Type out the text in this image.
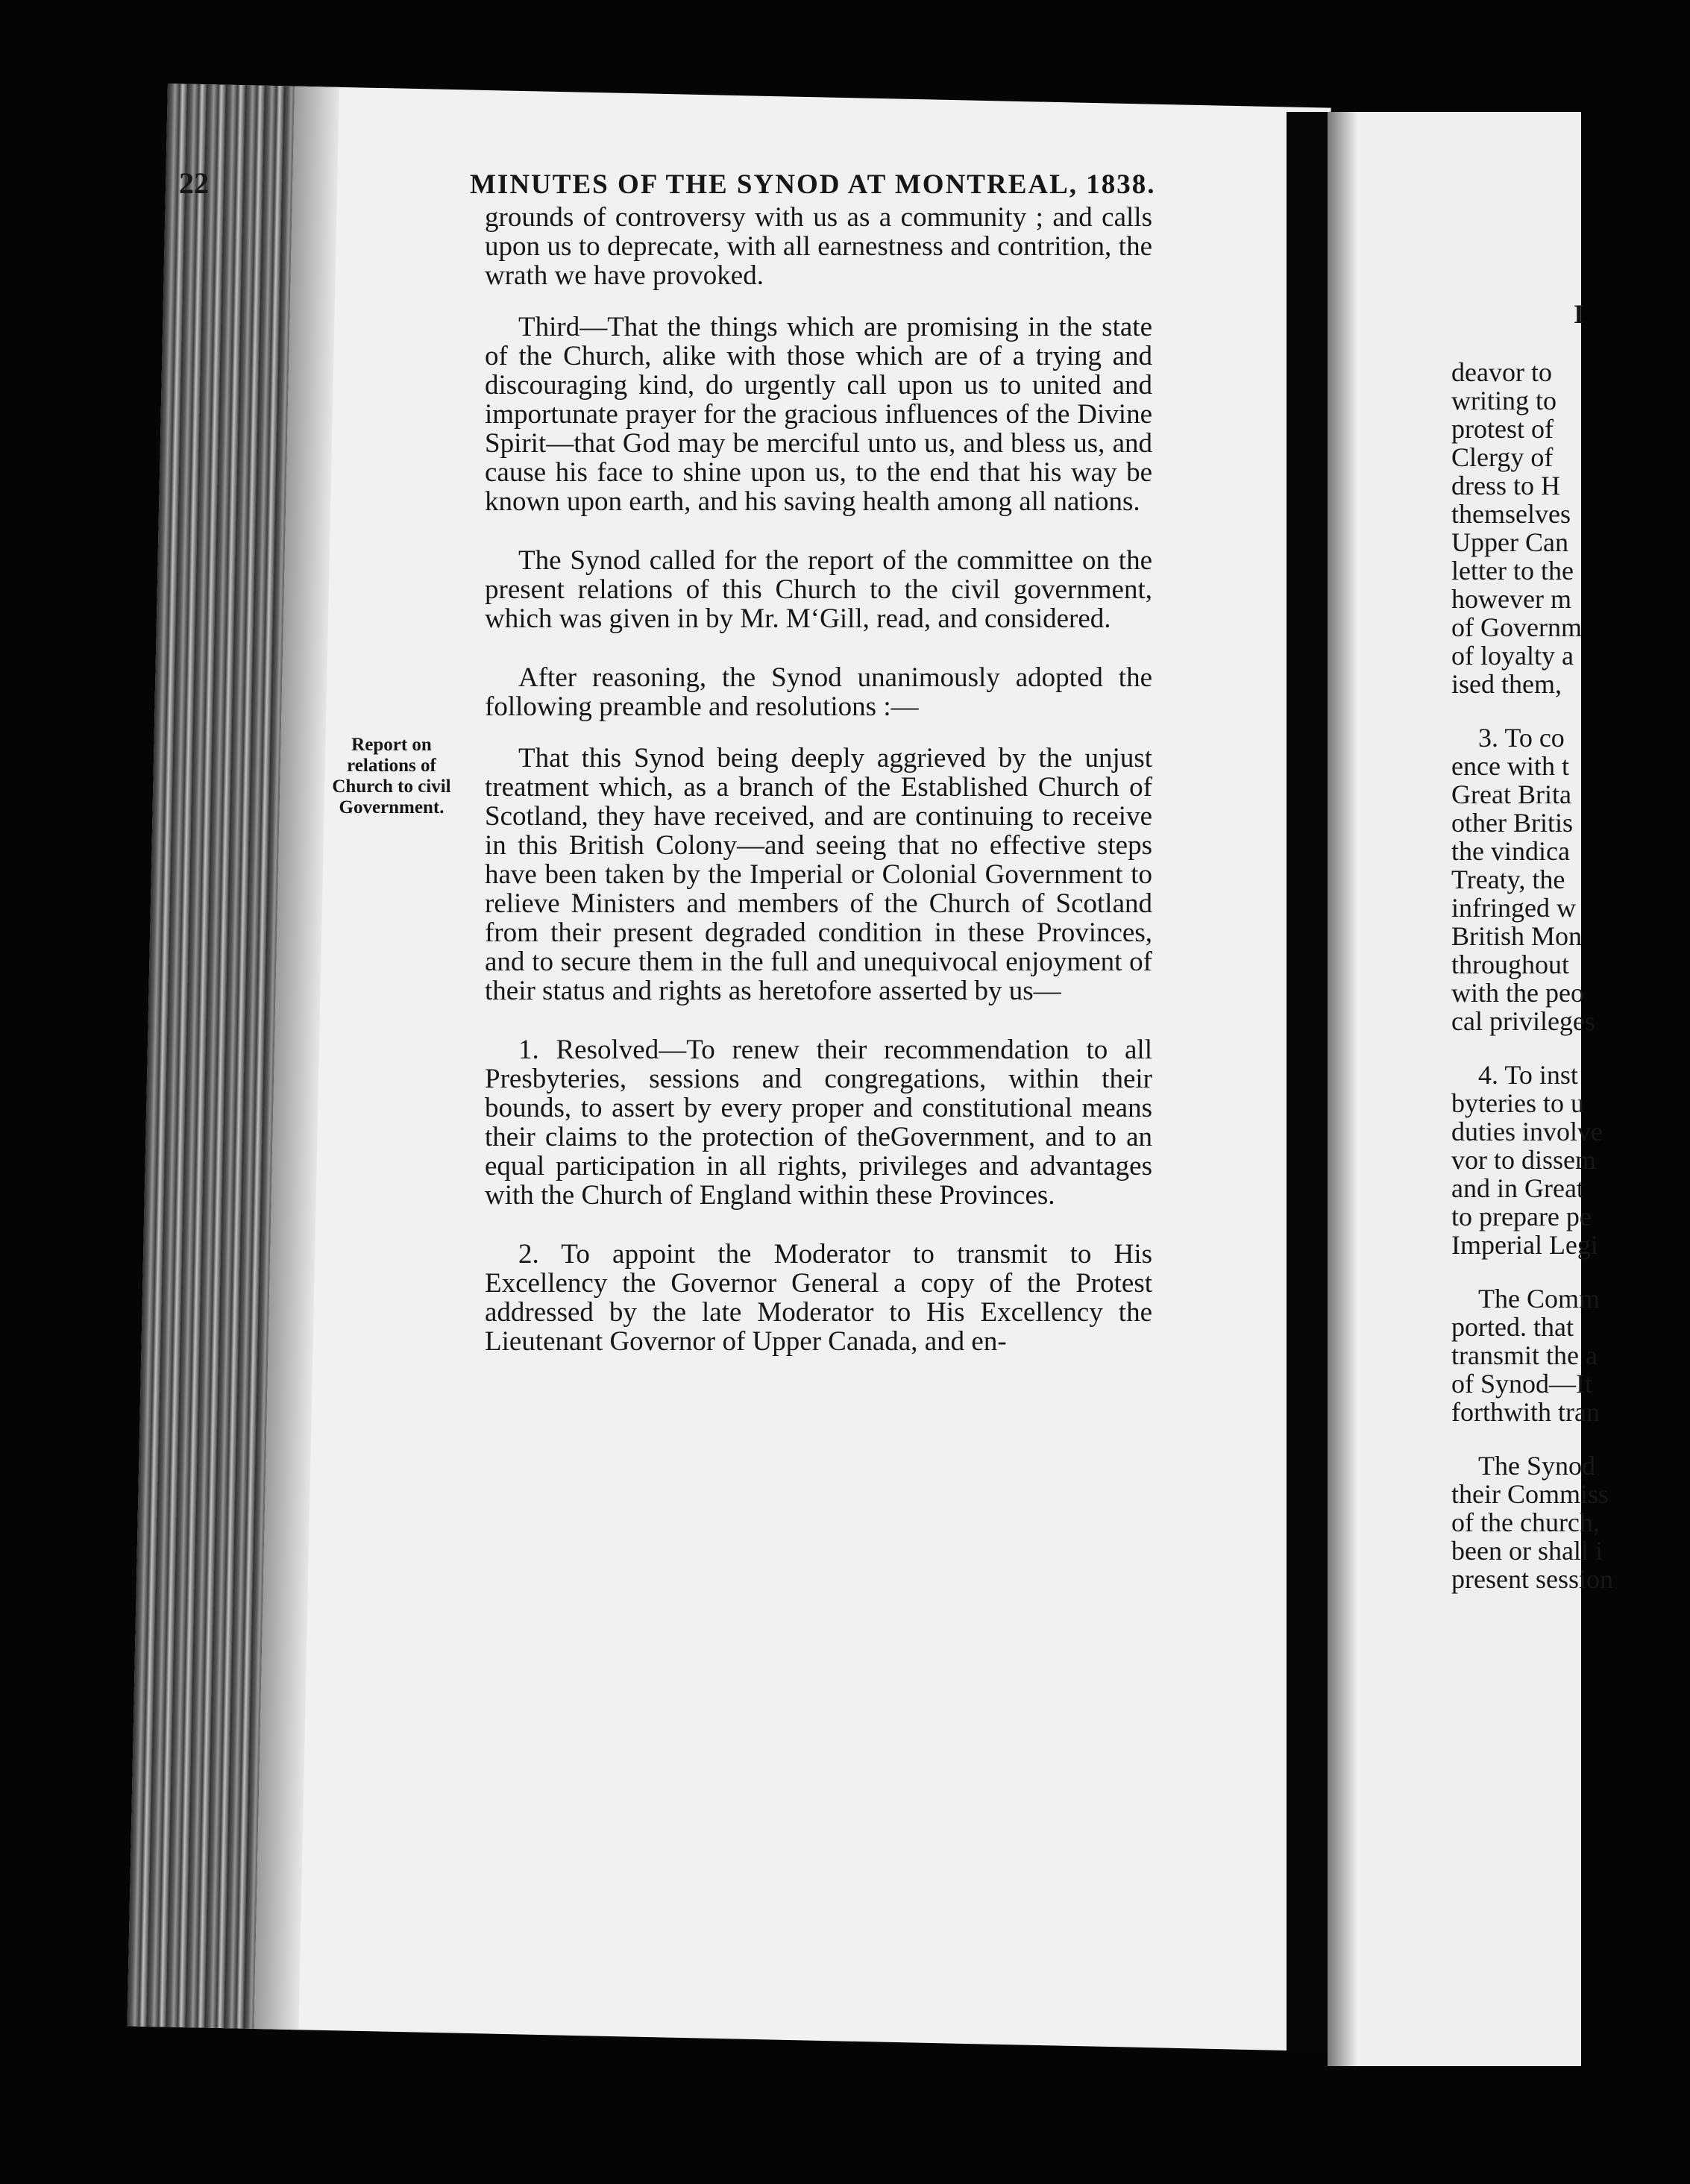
22	MINUTES OF THE SYNOD AT MONTREAL, 1838.
Report on relations of Church to civil Government.

grounds of controversy with us as a community ; and calls upon us to deprecate, with all earnestness and contrition, the wrath we have provoked.

Third—That the things which are promising in the state of the Church, alike with those which are of a trying and discouraging kind, do urgently call upon us to united and importunate prayer for the gracious influences of the Divine Spirit—that God may be merciful unto us, and bless us, and cause his face to shine upon us, to the end that his way be known upon earth, and his saving health among all nations.

The Synod called for the report of the committee on the present relations of this Church to the civil government, which was given in by Mr. M‘Gill, read, and considered.

After reasoning, the Synod unanimously adopted the following preamble and resolutions :—

That this Synod being deeply aggrieved by the unjust treatment which, as a branch of the Established Church of Scotland, they have received, and are continuing to receive in this British Colony—and seeing that no effective steps have been taken by the Imperial or Colonial Government to relieve Ministers and members of the Church of Scotland from their present degraded condition in these Provinces, and to secure them in the full and unequivocal enjoyment of their status and rights as heretofore asserted by us—

1. Resolved—To renew their recommendation to all Presbyteries, sessions and congregations, within their bounds, to assert by every proper and constitutional means their claims to the protection of theGovernment, and to an equal participation in all rights, privileges and advantages with the Church of England within these Provinces.

2. To appoint the Moderator to transmit to His Excellency the Governor General a copy of the Protest addressed by the late Moderator to His Excellency the Lieutenant Governor of Upper Canada, and en-

I
deavor to
writing to
protest of
Clergy of
dress to H
themselves
Upper Can
letter to the
however m
of Governm
of loyalty a
ised them,
3. To co
ence with t
Great Brita
other Britis
the vindica
Treaty, the
infringed w
British Mon
throughout
with the peo
cal privileges
4. To inst
byteries to u
duties involve
vor to dissem
and in Great
to prepare pe
Imperial Legi
The Comm
ported. that
transmit the a
of Synod—It
forthwith tran
The Synod
their Commiss
of the church,
been or shall i
present session
